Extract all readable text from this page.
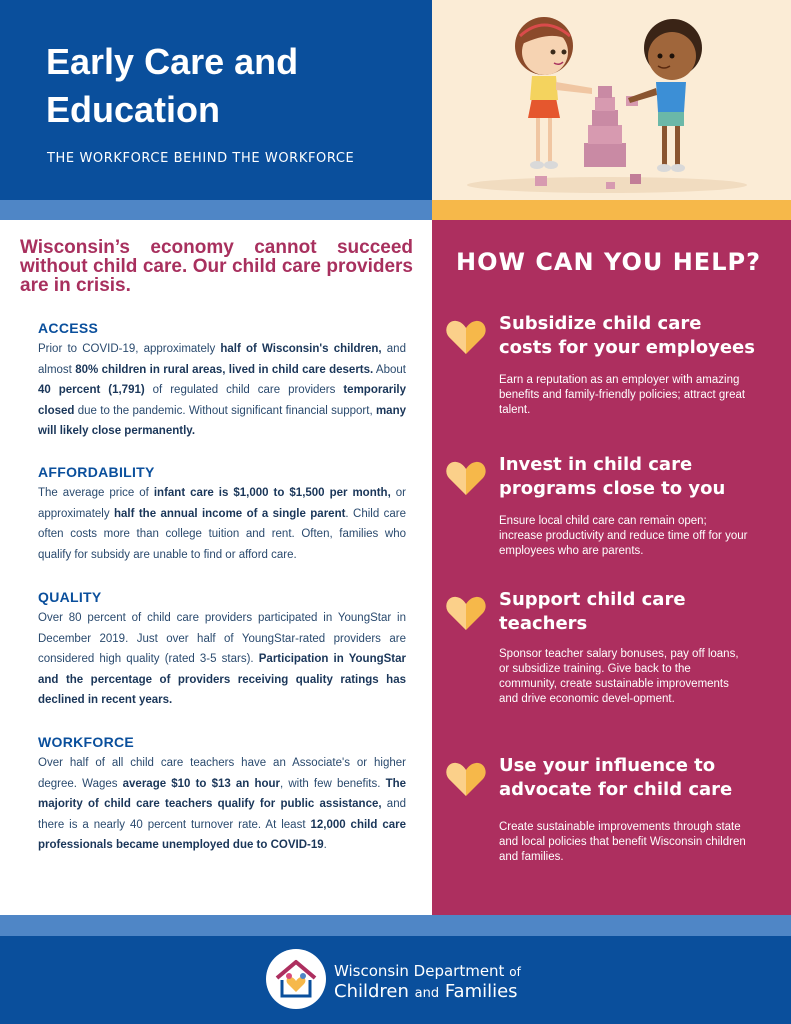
Early Care and
Education
THE WORKFORCE BEHIND THE WORKFORCE
Wisconsin’s economy cannot succeed without child care. Our child care providers are in crisis.
ACCESS

Prior to COVID-19, approximately half of Wisconsin's children, and almost 80% children in rural areas, lived in child care deserts. About 40 percent (1,791) of regulated child care providers temporarily closed due to the pandemic. Without significant financial support, many will likely close permanently.

AFFORDABILITY

The average price of infant care is $1,000 to $1,500 per month, or approximately half the annual income of a single parent. Child care often costs more than college tuition and rent. Often, families who qualify for subsidy are unable to find or afford care.

QUALITY

Over 80 percent of child care providers participated in YoungStar in December 2019. Just over half of YoungStar-rated providers are considered high quality (rated 3-5 stars). Participation in YoungStar and the percentage of providers receiving quality ratings has declined in recent years.

WORKFORCE

Over half of all child care teachers have an Associate's or higher degree. Wages average $10 to $13 an hour, with few benefits. The majority of child care teachers qualify for public assistance, and there is a nearly 40 percent turnover rate. At least 12,000 child care professionals became unemployed due to COVID-19.

HOW CAN YOU HELP?
Subsidize child care
costs for your employees

Earn a reputation as an employer with amazing benefits and family-friendly policies; attract great talent.

Invest in child care
programs close to you

Ensure local child care can remain open; increase productivity and reduce time off for your employees who are parents.

Support child care
teachers

Sponsor teacher salary bonuses, pay off loans, or subsidize training. Give back to the community, create sustainable improvements and drive economic devel-opment.

Use your influence to
advocate for child care

Create sustainable improvements through state and local policies that benefit Wisconsin children and families.

Wisconsin Department of
Children and Families
